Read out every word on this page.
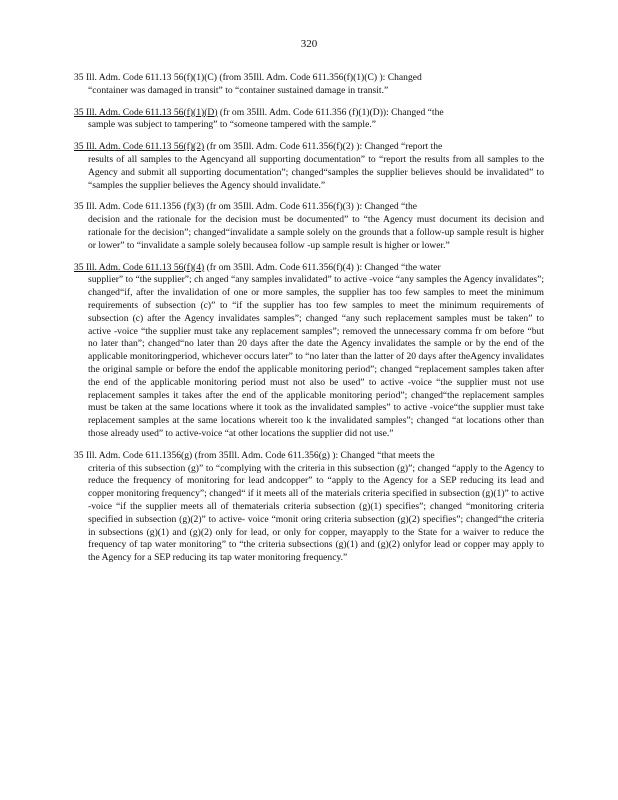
320
35 Ill. Adm. Code 611.13 56(f)(1)(C) (from 35Ill. Adm. Code 611.356(f)(1)(C) ): Changed
“container was damaged in transit” to “container sustained damage in transit.”
35 Ill. Adm. Code 611.13 56(f)(1)(D) (fr om 35Ill. Adm. Code 611.356 (f)(1)(D)): Changed “the
sample was subject to tampering” to “someone tampered with the sample.”
35 Ill. Adm. Code 611.13 56(f)(2) (fr om 35Ill. Adm. Code 611.356(f)(2) ): Changed “report the
results of all samples to the Agencyand all supporting documentation” to “report the results from all samples to the Agency and submit all supporting documentation”; changed“samples the supplier believes should be invalidated” to “samples the supplier believes the Agency should invalidate.”
35 Ill. Adm. Code 611.1356 (f)(3) (fr om 35Ill. Adm. Code 611.356(f)(3) ): Changed “the
decision and the rationale for the decision must be documented” to “the Agency must document its decision and rationale for the decision”; changed“invalidate a sample solely on the grounds that a follow-up sample result is higher or lower” to “invalidate a sample solely becausea follow -up sample result is higher or lower.”
35 Ill. Adm. Code 611.13 56(f)(4) (fr om 35Ill. Adm. Code 611.356(f)(4) ): Changed “the water
supplier” to “the supplier”; ch anged “any samples invalidated” to active -voice “any samples the Agency invalidates”; changed“if, after the invalidation of one or more samples, the supplier has too few samples to meet the minimum requirements of subsection (c)” to “if the supplier has too few samples to meet the minimum requirements of subsection (c) after the Agency invalidates samples”; changed “any such replacement samples must be taken” to active -voice “the supplier must take any replacement samples”; removed the unnecessary comma fr om before “but no later than”; changed“no later than 20 days after the date the Agency invalidates the sample or by the end of the applicable monitoringperiod, whichever occurs later” to “no later than the latter of 20 days after theAgency invalidates the original sample or before the endof the applicable monitoring period”; changed “replacement samples taken after the end of the applicable monitoring period must not also be used” to active -voice “the supplier must not use replacement samples it takes after the end of the applicable monitoring period”; changed“the replacement samples must be taken at the same locations where it took as the invalidated samples” to active -voice“the supplier must take replacement samples at the same locations whereit too k the invalidated samples”; changed “at locations other than those already used” to active-voice “at other locations the supplier did not use.”
35 Ill. Adm. Code 611.1356(g) (from 35Ill. Adm. Code 611.356(g) ): Changed “that meets the
criteria of this subsection (g)” to “complying with the criteria in this subsection (g)”; changed “apply to the Agency to reduce the frequency of monitoring for lead andcopper” to “apply to the Agency for a SEP reducing its lead and copper monitoring frequency”; changed“ if it meets all of the materials criteria specified in subsection (g)(1)” to active -voice “if the supplier meets all of thematerials criteria subsection (g)(1) specifies”; changed “monitoring criteria specified in subsection (g)(2)” to active- voice “monit oring criteria subsection (g)(2) specifies”; changed“the criteria in subsections (g)(1) and (g)(2) only for lead, or only for copper, mayapply to the State for a waiver to reduce the frequency of tap water monitoring” to “the criteria subsections (g)(1) and (g)(2) onlyfor lead or copper may apply to the Agency for a SEP reducing its tap water monitoring frequency.”
